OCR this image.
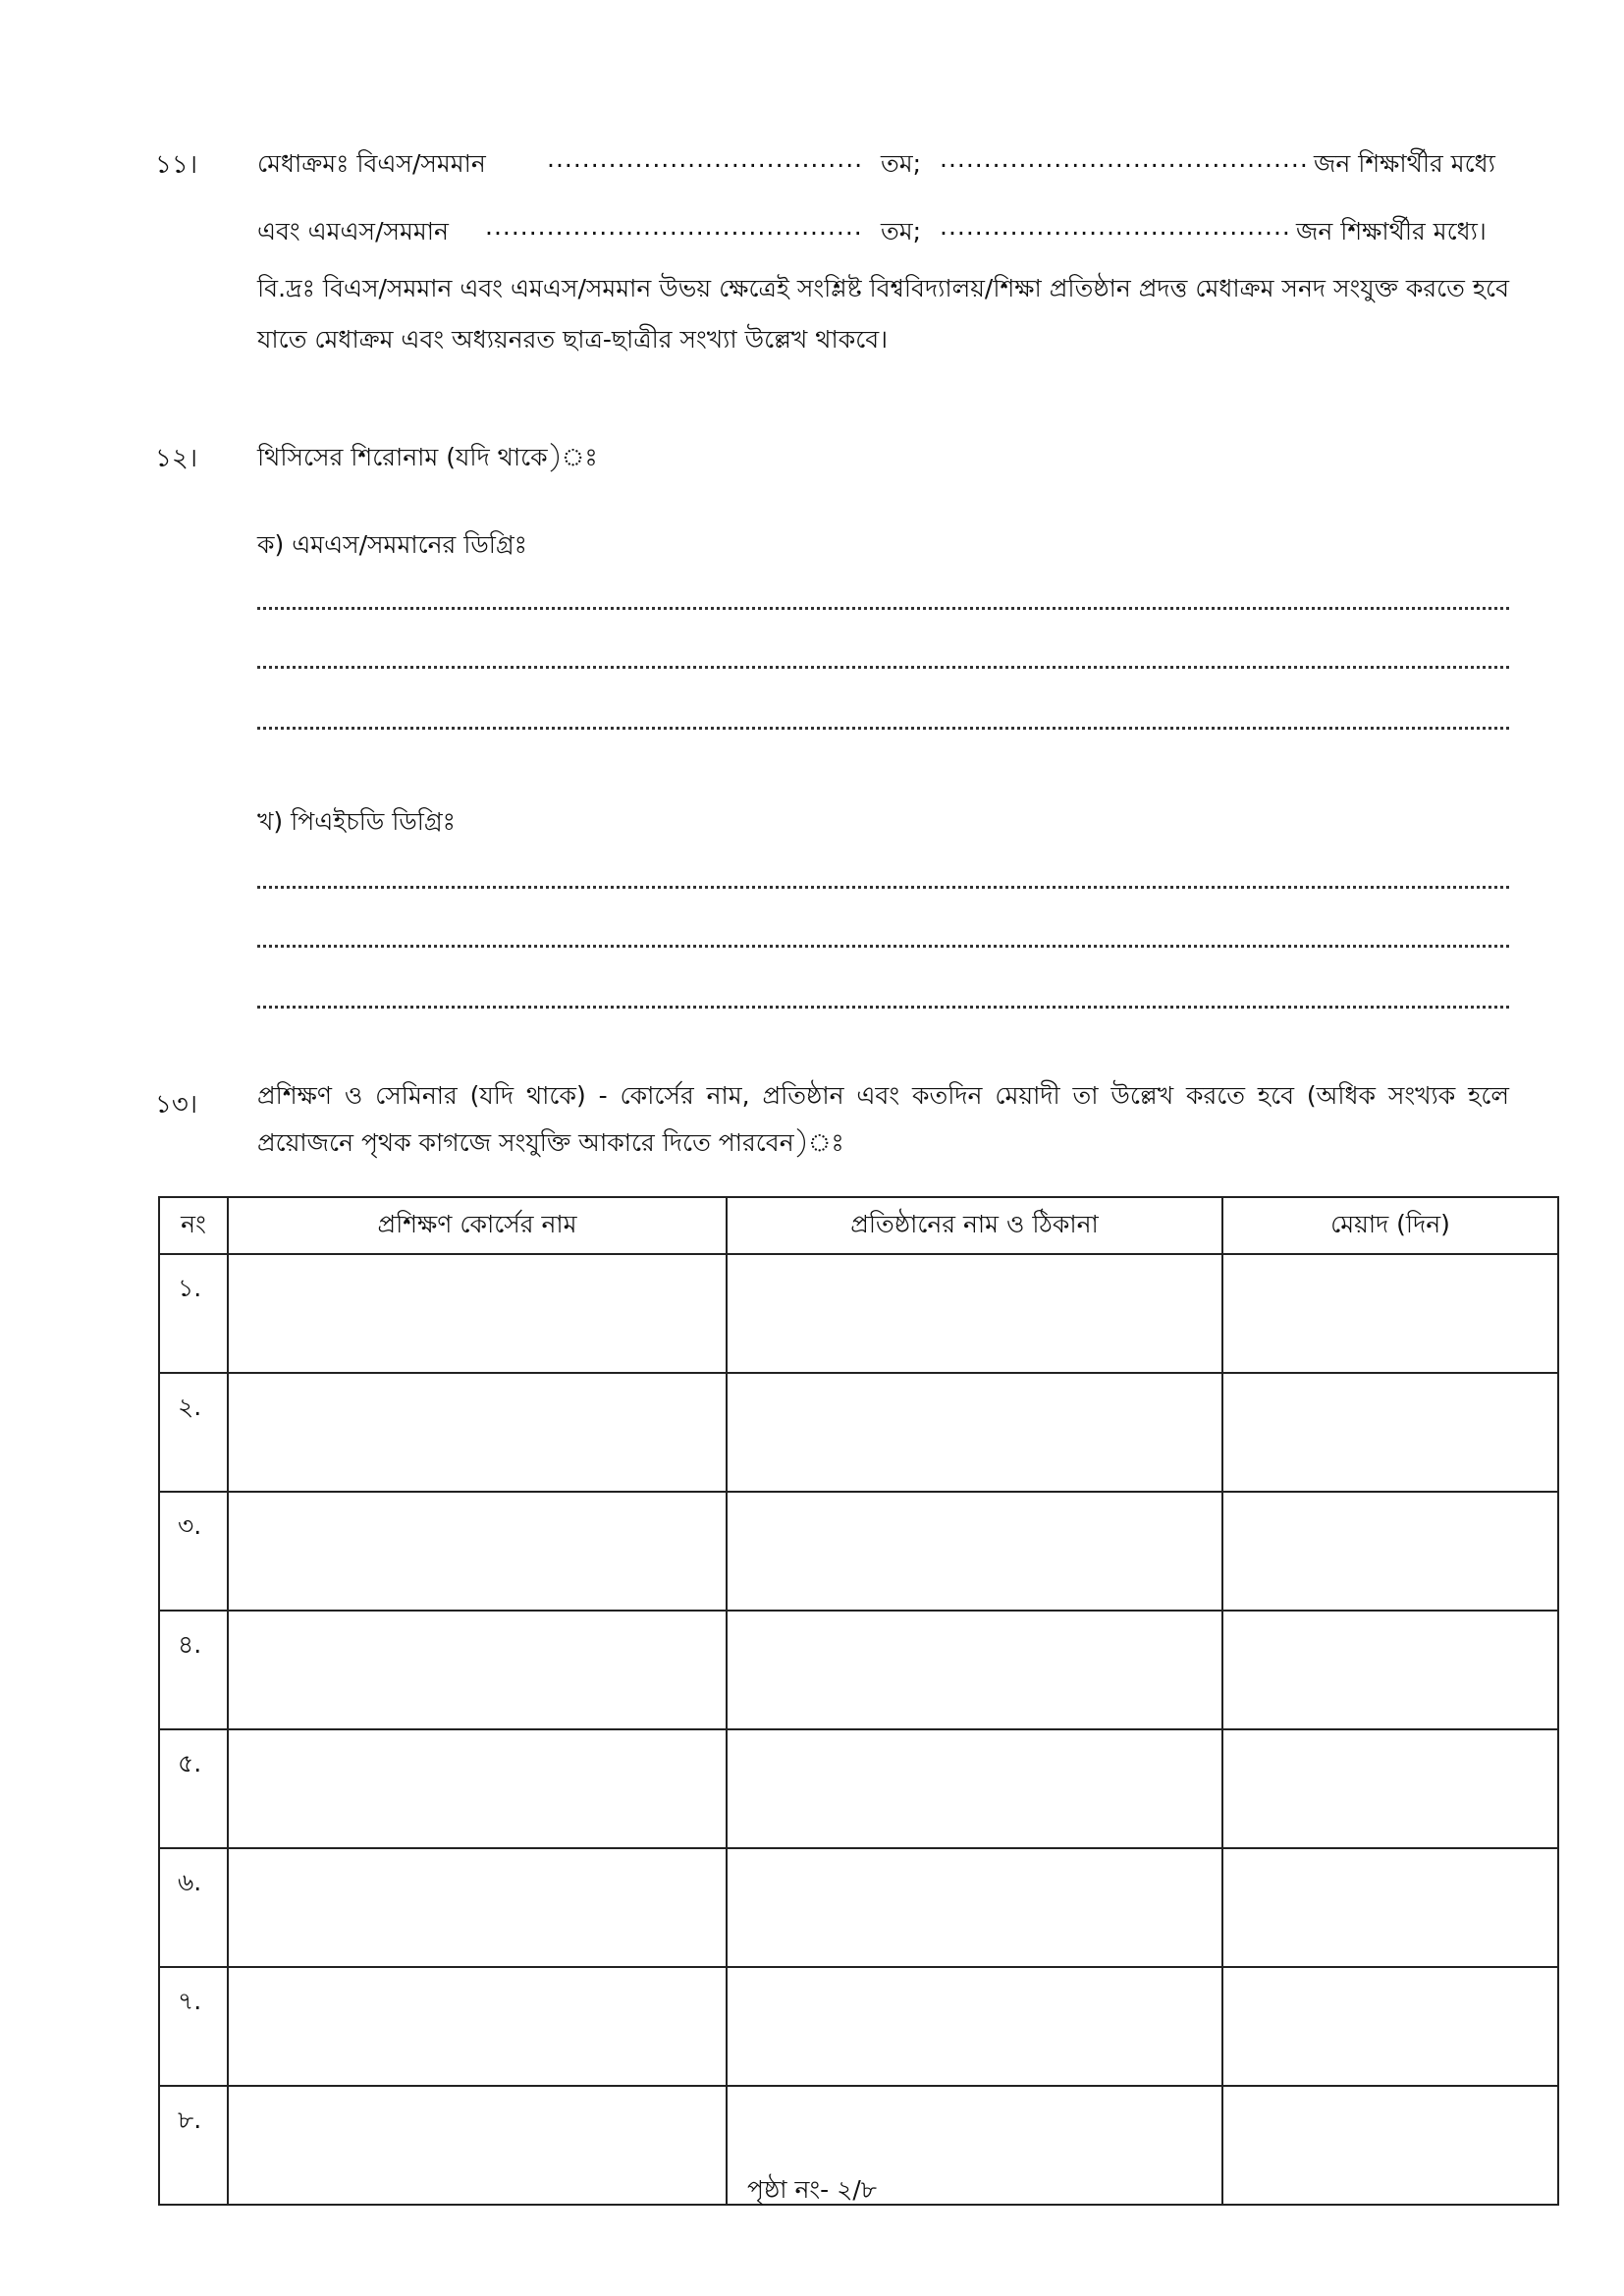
১১। মেধাক্রমঃ বিএস/সমমান .................................... তম; .......................................... জন শিক্ষার্থীর মধ্যে
এবং এমএস/সমমান ........................................... তম; ........................................ জন শিক্ষার্থীর মধ্যে।
বি.দ্রঃ বিএস/সমমান এবং এমএস/সমমান উভয় ক্ষেত্রেই সংশ্লিষ্ট বিশ্ববিদ্যালয়/শিক্ষা প্রতিষ্ঠান প্রদত্ত মেধাক্রম সনদ সংযুক্ত করতে হবে যাতে মেধাক্রম এবং অধ্যয়নরত ছাত্র-ছাত্রীর সংখ্যা উল্লেখ থাকবে।
১২। থিসিসের শিরোনাম (যদি থাকে)ঃ
ক) এমএস/সমমানের ডিগ্রিঃ
খ) পিএইচডি ডিগ্রিঃ
১৩। প্রশিক্ষণ ও সেমিনার (যদি থাকে) - কোর্সের নাম, প্রতিষ্ঠান এবং কতদিন মেয়াদী তা উল্লেখ করতে হবে (অধিক সংখ্যক হলে প্রয়োজনে পৃথক কাগজে সংযুক্তি আকারে দিতে পারবেন)ঃ
নং	প্রশিক্ষণ কোর্সের নাম	প্রতিষ্ঠানের নাম ও ঠিকানা	মেয়াদ (দিন)
১.			
২.			
৩.			
৪.			
৫.			
৬.			
৭.			
৮.			
পৃষ্ঠা নং- ২/৮
